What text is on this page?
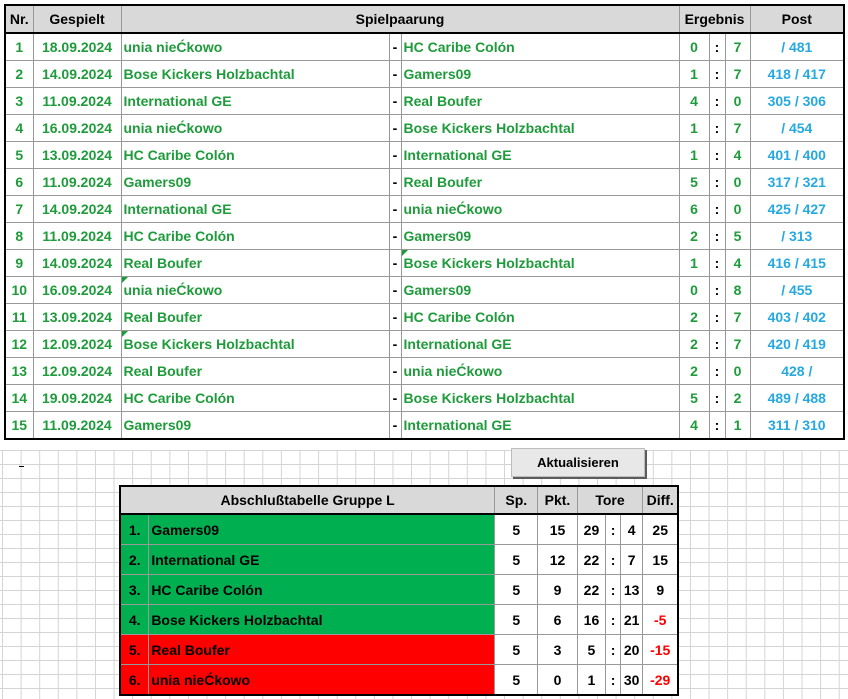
Nr.	Gespielt	Spielpaarung			Ergebnis			Post
1	18.09.2024	unia nieĆkowo	-	HC Caribe Colón	0	:	7	/ 481
2	14.09.2024	Bose Kickers Holzbachtal	-	Gamers09	1	:	7	418 / 417
3	11.09.2024	International GE	-	Real Boufer	4	:	0	305 / 306
4	16.09.2024	unia nieĆkowo	-	Bose Kickers Holzbachtal	1	:	7	/ 454
5	13.09.2024	HC Caribe Colón	-	International GE	1	:	4	401 / 400
6	11.09.2024	Gamers09	-	Real Boufer	5	:	0	317 / 321
7	14.09.2024	International GE	-	unia nieĆkowo	6	:	0	425 / 427
8	11.09.2024	HC Caribe Colón	-	Gamers09	2	:	5	/ 313
9	14.09.2024	Real Boufer	-	Bose Kickers Holzbachtal	1	:	4	416 / 415
10	16.09.2024	unia nieĆkowo	-	Gamers09	0	:	8	/ 455
11	13.09.2024	Real Boufer	-	HC Caribe Colón	2	:	7	403 / 402
12	12.09.2024	Bose Kickers Holzbachtal	-	International GE	2	:	7	420 / 419
13	12.09.2024	Real Boufer	-	unia nieĆkowo	2	:	0	428 /
14	19.09.2024	HC Caribe Colón	-	Bose Kickers Holzbachtal	5	:	2	489 / 488
15	11.09.2024	Gamers09	-	International GE	4	:	1	311 / 310
Aktualisieren
Abschlußtabelle Gruppe L		Sp.	Pkt.	Tore			Diff.
1.	Gamers09	5	15	29	:	4	25
2.	International GE	5	12	22	:	7	15
3.	HC Caribe Colón	5	9	22	:	13	9
4.	Bose Kickers Holzbachtal	5	6	16	:	21	-5
5.	Real Boufer	5	3	5	:	20	-15
6.	unia nieĆkowo	5	0	1	:	30	-29
